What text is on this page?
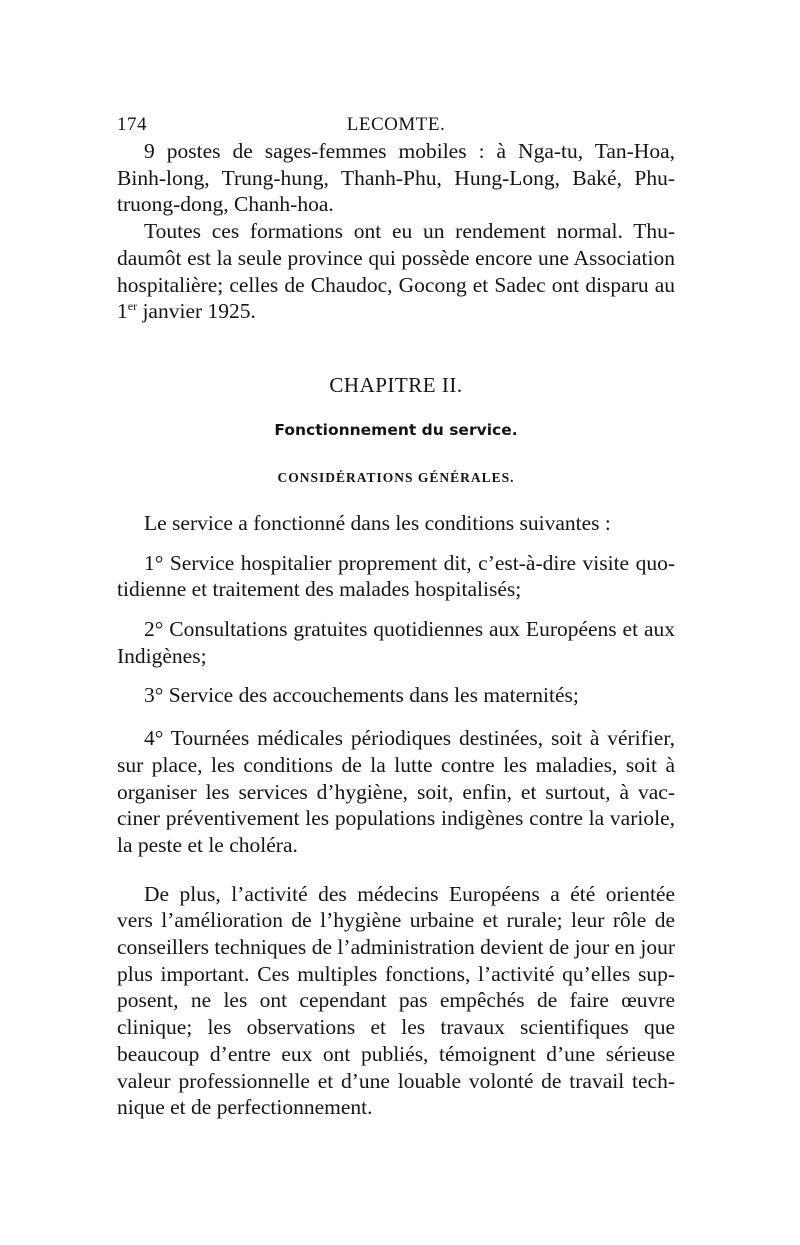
174	LECOMTE.

9 postes de sages-femmes mobiles : à Nga-tu, Tan-Hoa, Binh-long, Trung-hung, Thanh-Phu, Hung-Long, Baké, Phu-truong-dong, Chanh-hoa.

Toutes ces formations ont eu un rendement normal. Thu-daumôt est la seule province qui possède encore une Association hospitalière; celles de Chaudoc, Gocong et Sadec ont disparu au 1er janvier 1925.

CHAPITRE II.
Fonctionnement du service.
CONSIDÉRATIONS GÉNÉRALES.

Le service a fonctionné dans les conditions suivantes :

1° Service hospitalier proprement dit, c’est-à-dire visite quo-tidienne et traitement des malades hospitalisés;

2° Consultations gratuites quotidiennes aux Européens et aux Indigènes;

3° Service des accouchements dans les maternités;

4° Tournées médicales périodiques destinées, soit à vérifier, sur place, les conditions de la lutte contre les maladies, soit à organiser les services d’hygiène, soit, enfin, et surtout, à vac-ciner préventivement les populations indigènes contre la variole, la peste et le choléra.

De plus, l’activité des médecins Européens a été orientée vers l’amélioration de l’hygiène urbaine et rurale; leur rôle de conseillers techniques de l’administration devient de jour en jour plus important. Ces multiples fonctions, l’activité qu’elles sup-posent, ne les ont cependant pas empêchés de faire œuvre clinique; les observations et les travaux scientifiques que beaucoup d’entre eux ont publiés, témoignent d’une sérieuse valeur professionnelle et d’une louable volonté de travail tech-nique et de perfectionnement.
